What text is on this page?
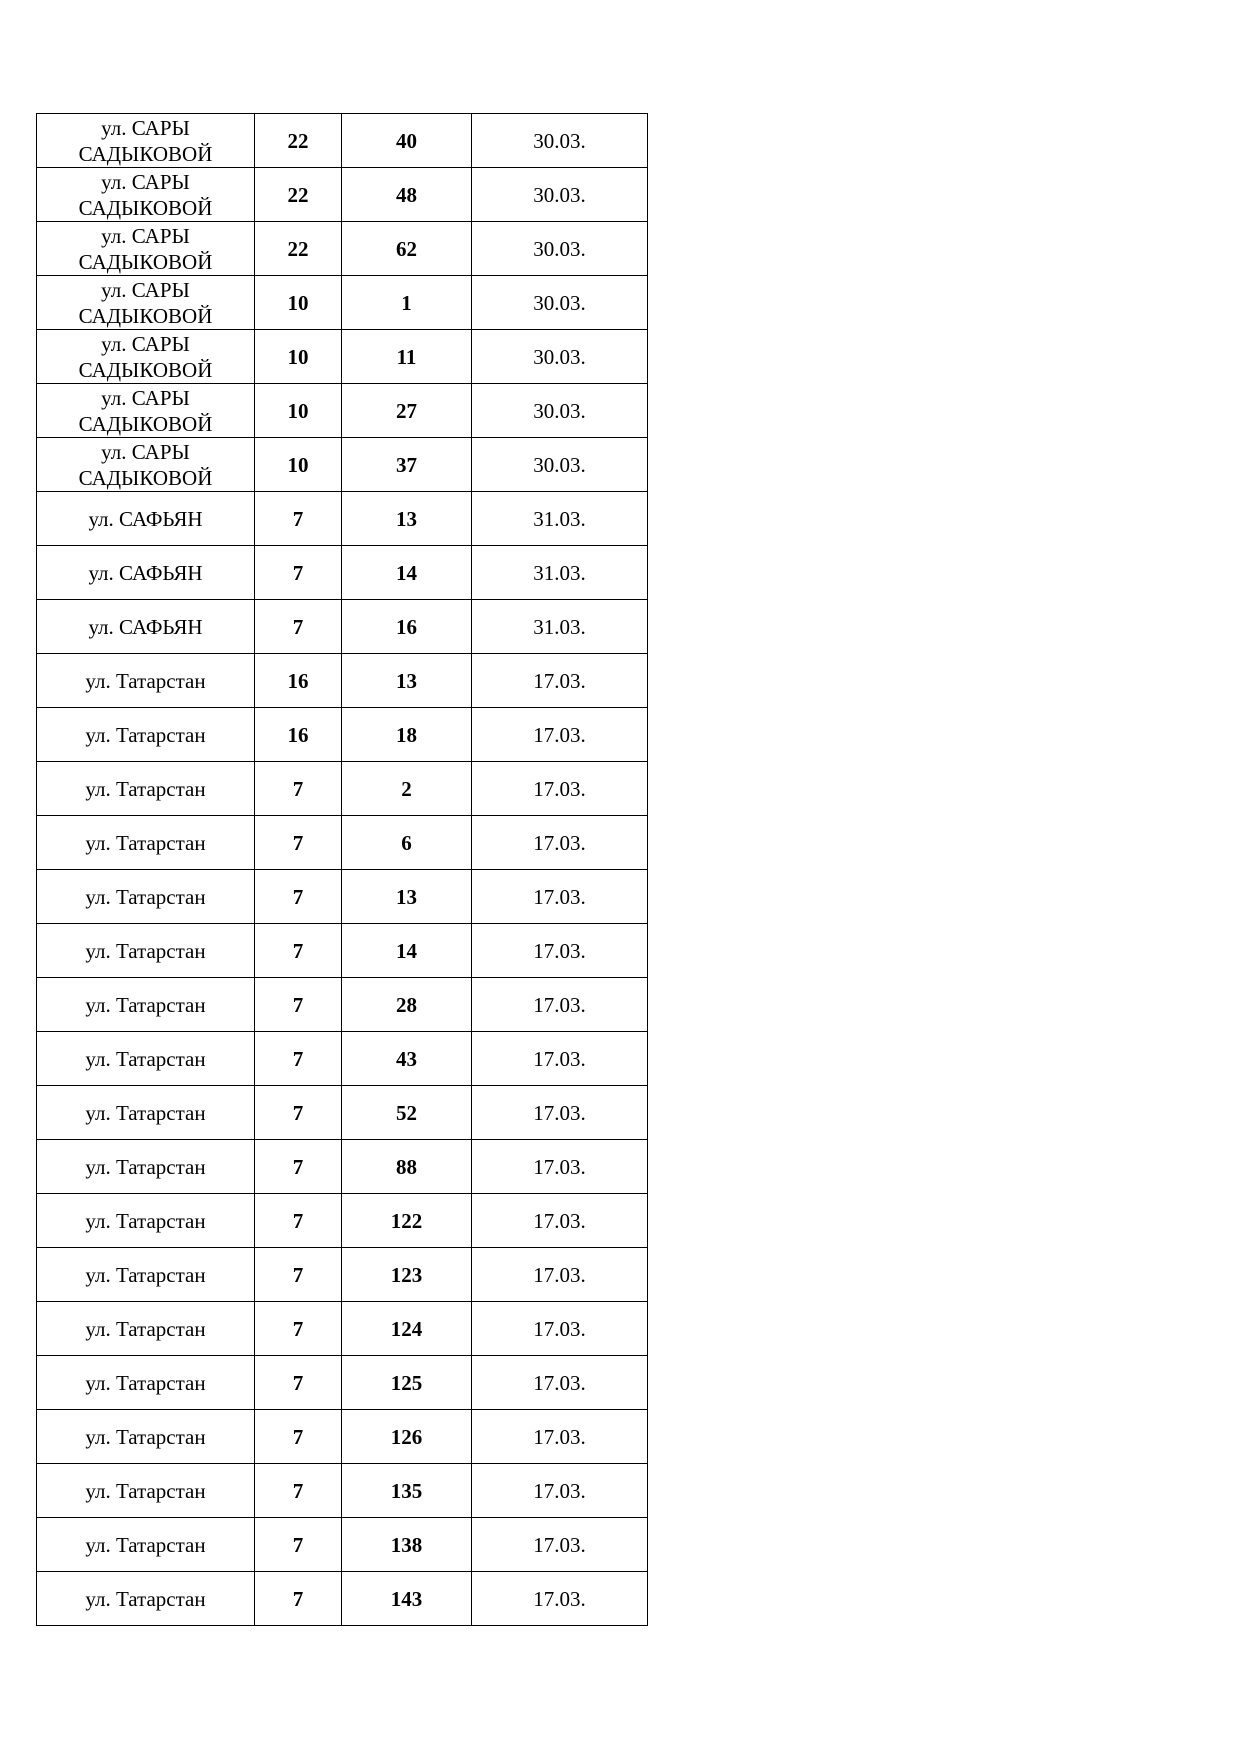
ул. САРЫ САДЫКОВОЙ	22	40	30.03.
ул. САРЫ САДЫКОВОЙ	22	48	30.03.
ул. САРЫ САДЫКОВОЙ	22	62	30.03.
ул. САРЫ САДЫКОВОЙ	10	1	30.03.
ул. САРЫ САДЫКОВОЙ	10	11	30.03.
ул. САРЫ САДЫКОВОЙ	10	27	30.03.
ул. САРЫ САДЫКОВОЙ	10	37	30.03.
ул. САФЬЯН	7	13	31.03.
ул. САФЬЯН	7	14	31.03.
ул. САФЬЯН	7	16	31.03.
ул. Татарстан	16	13	17.03.
ул. Татарстан	16	18	17.03.
ул. Татарстан	7	2	17.03.
ул. Татарстан	7	6	17.03.
ул. Татарстан	7	13	17.03.
ул. Татарстан	7	14	17.03.
ул. Татарстан	7	28	17.03.
ул. Татарстан	7	43	17.03.
ул. Татарстан	7	52	17.03.
ул. Татарстан	7	88	17.03.
ул. Татарстан	7	122	17.03.
ул. Татарстан	7	123	17.03.
ул. Татарстан	7	124	17.03.
ул. Татарстан	7	125	17.03.
ул. Татарстан	7	126	17.03.
ул. Татарстан	7	135	17.03.
ул. Татарстан	7	138	17.03.
ул. Татарстан	7	143	17.03.
